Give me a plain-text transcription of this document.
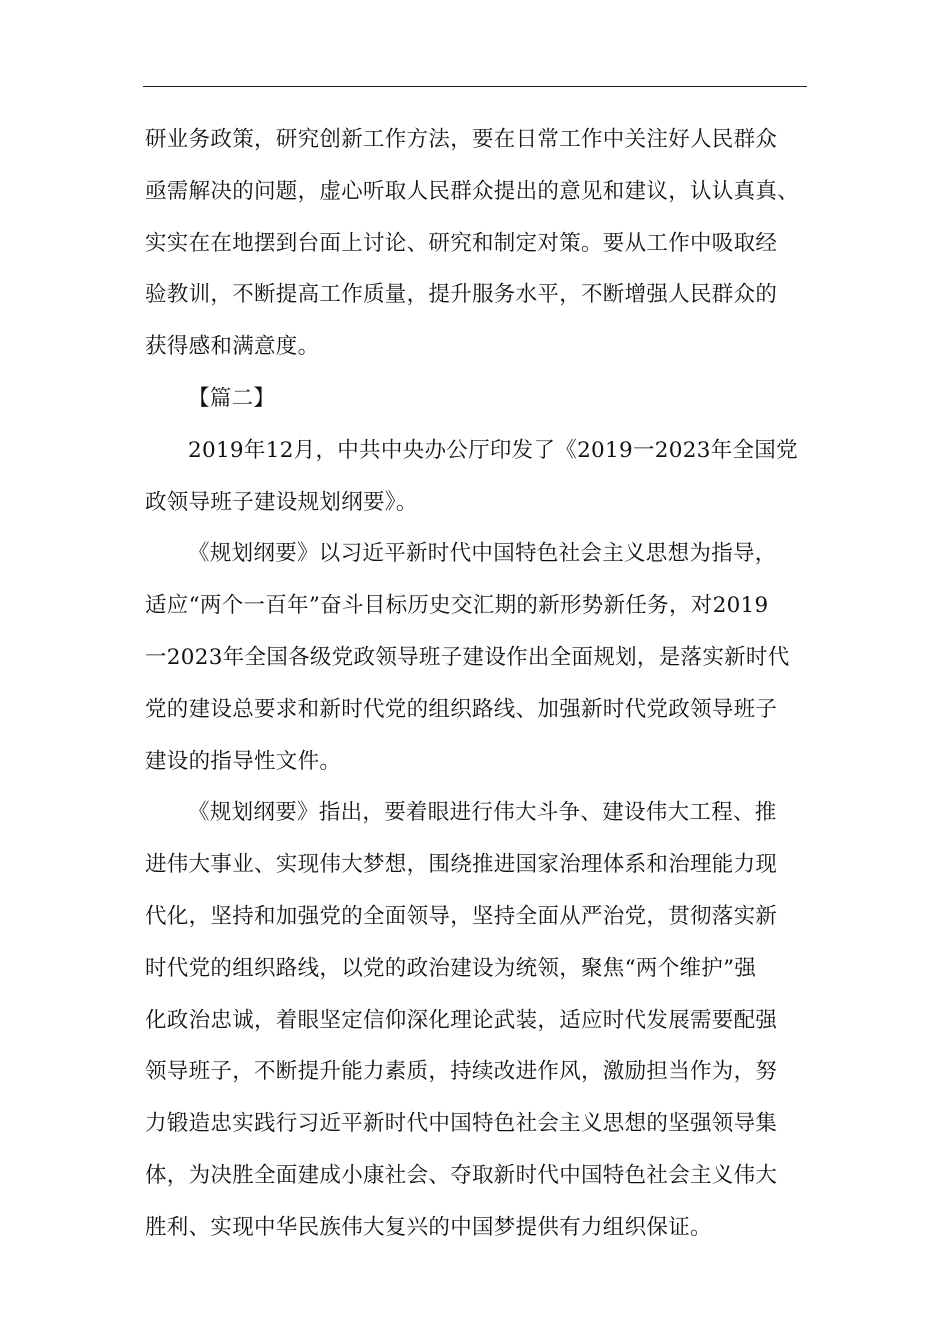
研业务政策，研究创新工作方法，要在日常工作中关注好人民群众
亟需解决的问题，虚心听取人民群众提出的意见和建议，认认真真、
实实在在地摆到台面上讨论、研究和制定对策。要从工作中吸取经
验教训，不断提高工作质量，提升服务水平，不断增强人民群众的
获得感和满意度。
【篇二】
2019年12月，中共中央办公厅印发了《2019一2023年全国党
政领导班子建设规划纲要》。
《规划纲要》以习近平新时代中国特色社会主义思想为指导，
适应“两个一百年”奋斗目标历史交汇期的新形势新任务，对2019
一2023年全国各级党政领导班子建设作出全面规划，是落实新时代
党的建设总要求和新时代党的组织路线、加强新时代党政领导班子
建设的指导性文件。
《规划纲要》指出，要着眼进行伟大斗争、建设伟大工程、推
进伟大事业、实现伟大梦想，围绕推进国家治理体系和治理能力现
代化，坚持和加强党的全面领导，坚持全面从严治党，贯彻落实新
时代党的组织路线，以党的政治建设为统领，聚焦“两个维护”强
化政治忠诚，着眼坚定信仰深化理论武装，适应时代发展需要配强
领导班子，不断提升能力素质，持续改进作风，激励担当作为，努
力锻造忠实践行习近平新时代中国特色社会主义思想的坚强领导集
体，为决胜全面建成小康社会、夺取新时代中国特色社会主义伟大
胜利、实现中华民族伟大复兴的中国梦提供有力组织保证。
